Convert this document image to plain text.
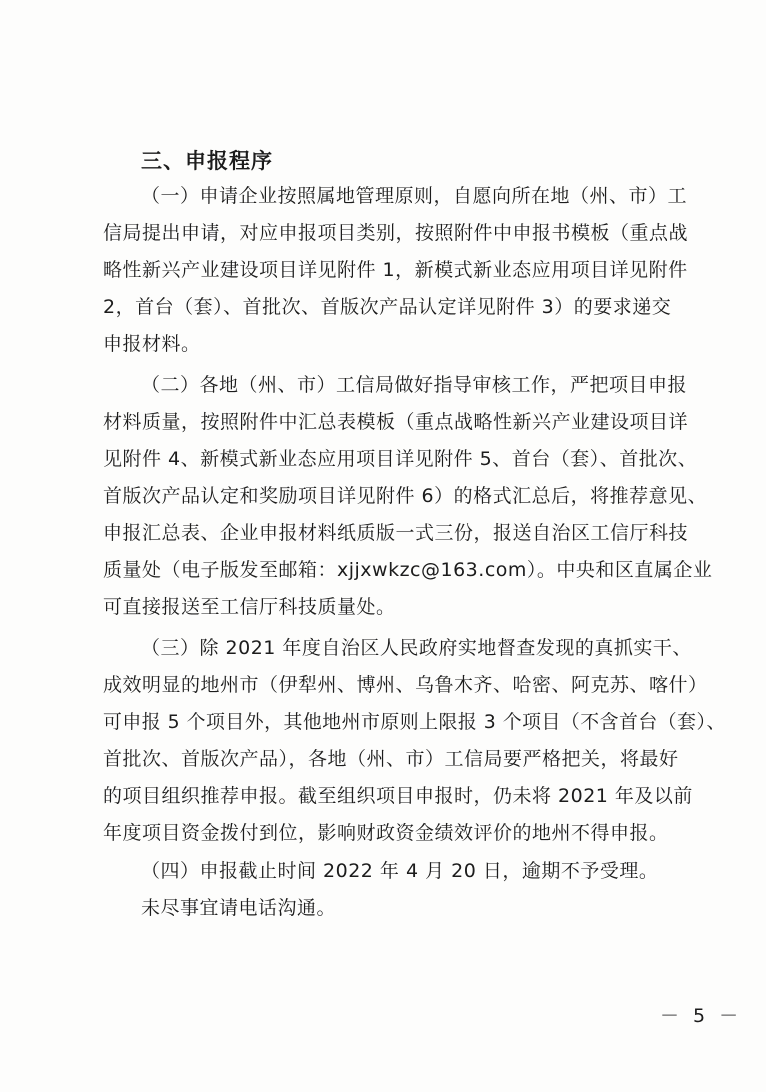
三、申报程序
（一）申请企业按照属地管理原则，自愿向所在地（州、市）工
信局提出申请，对应申报项目类别，按照附件中申报书模板（重点战
略性新兴产业建设项目详见附件 1，新模式新业态应用项目详见附件
2，首台（套）、首批次、首版次产品认定详见附件 3）的要求递交
申报材料。
（二）各地（州、市）工信局做好指导审核工作，严把项目申报
材料质量，按照附件中汇总表模板（重点战略性新兴产业建设项目详
见附件 4、新模式新业态应用项目详见附件 5、首台（套）、首批次、
首版次产品认定和奖励项目详见附件 6）的格式汇总后，将推荐意见、
申报汇总表、企业申报材料纸质版一式三份，报送自治区工信厅科技
质量处（电子版发至邮箱：xjjxwkzc@163.com）。中央和区直属企业
可直接报送至工信厅科技质量处。
（三）除 2021 年度自治区人民政府实地督查发现的真抓实干、
成效明显的地州市（伊犁州、博州、乌鲁木齐、哈密、阿克苏、喀什）
可申报 5 个项目外，其他地州市原则上限报 3 个项目（不含首台（套）、
首批次、首版次产品），各地（州、市）工信局要严格把关，将最好
的项目组织推荐申报。截至组织项目申报时，仍未将 2021 年及以前
年度项目资金拨付到位，影响财政资金绩效评价的地州不得申报。
（四）申报截止时间 2022 年 4 月 20 日，逾期不予受理。
未尽事宜请电话沟通。
－ 5 －
